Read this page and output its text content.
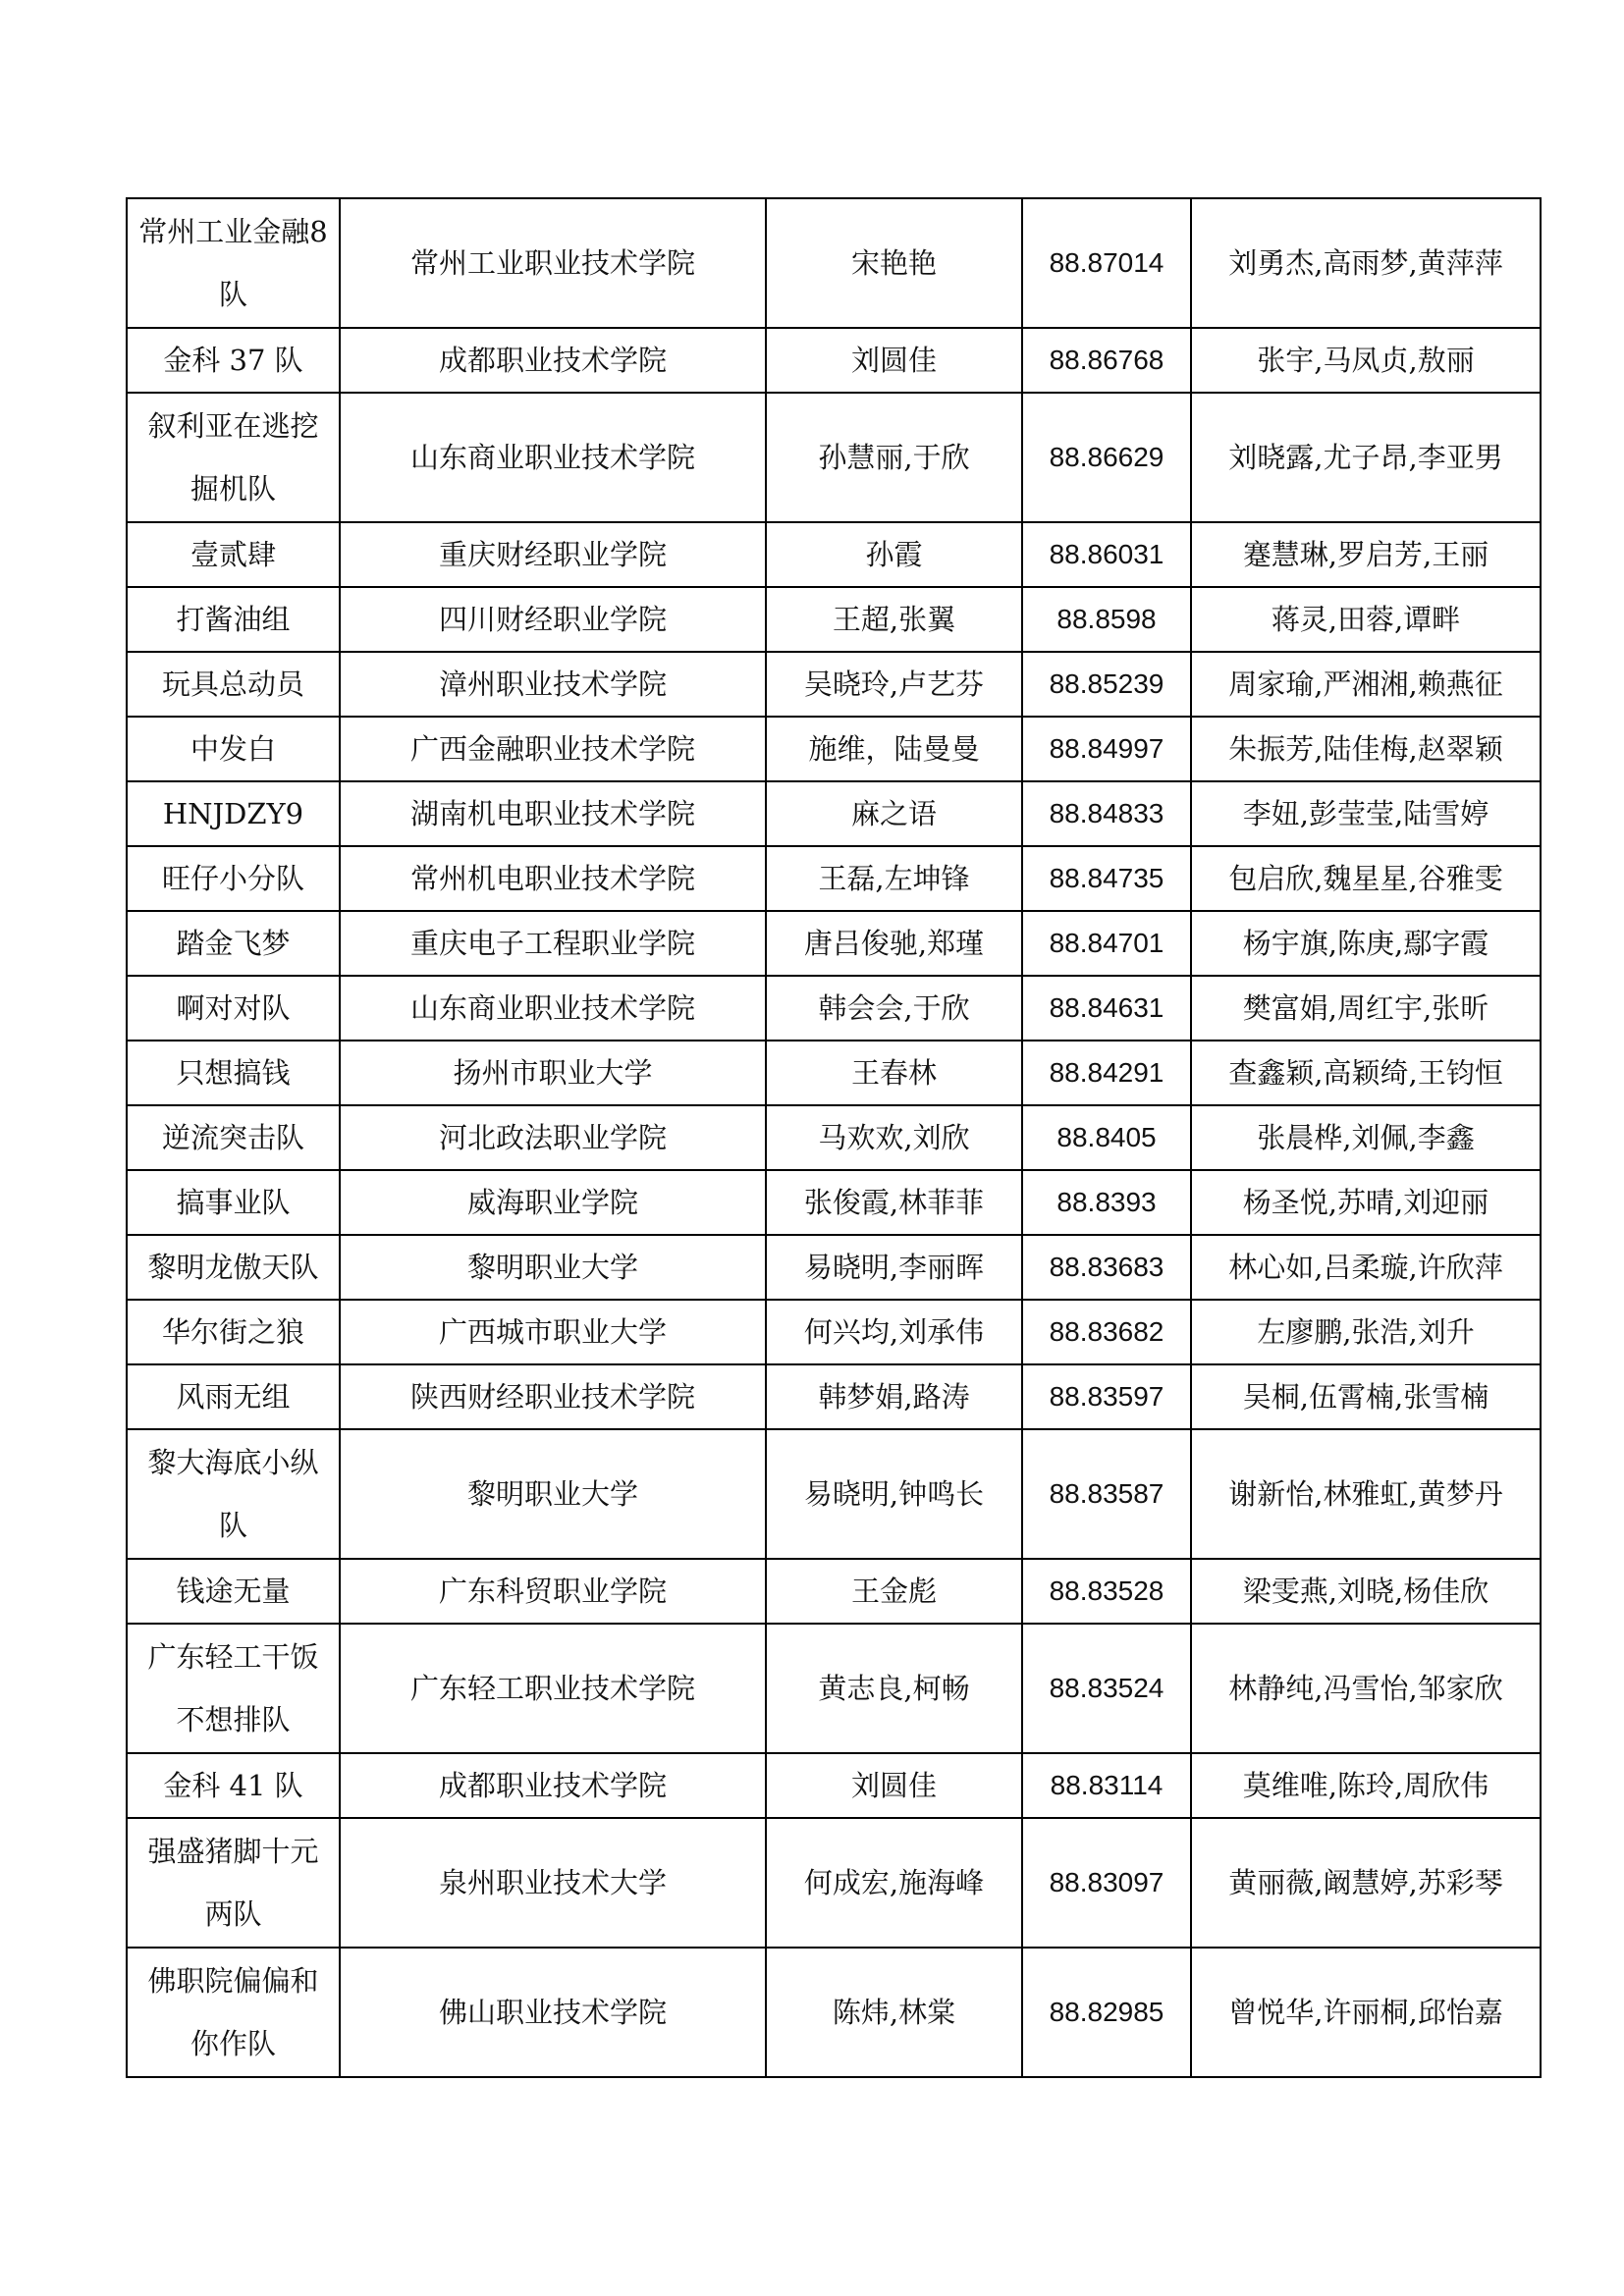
常州工业金融8队	常州工业职业技术学院	宋艳艳	88.87014	刘勇杰,高雨梦,黄萍萍
金科 37 队	成都职业技术学院	刘圆佳	88.86768	张宇,马凤贞,敖丽
叙利亚在逃挖掘机队	山东商业职业技术学院	孙慧丽,于欣	88.86629	刘晓露,尤子昂,李亚男
壹贰肆	重庆财经职业学院	孙霞	88.86031	蹇慧琳,罗启芳,王丽
打酱油组	四川财经职业学院	王超,张翼	88.8598	蒋灵,田蓉,谭畔
玩具总动员	漳州职业技术学院	吴晓玲,卢艺芬	88.85239	周家瑜,严湘湘,赖燕征
中发白	广西金融职业技术学院	施维，陆曼曼	88.84997	朱振芳,陆佳梅,赵翠颖
HNJDZY9	湖南机电职业技术学院	麻之语	88.84833	李妞,彭莹莹,陆雪婷
旺仔小分队	常州机电职业技术学院	王磊,左坤锋	88.84735	包启欣,魏星星,谷雅雯
踏金飞梦	重庆电子工程职业学院	唐吕俊驰,郑瑾	88.84701	杨宇旗,陈庚,鄢字霞
啊对对队	山东商业职业技术学院	韩会会,于欣	88.84631	樊富娟,周红宇,张昕
只想搞钱	扬州市职业大学	王春林	88.84291	查鑫颖,高颖绮,王钧恒
逆流突击队	河北政法职业学院	马欢欢,刘欣	88.8405	张晨桦,刘佩,李鑫
搞事业队	威海职业学院	张俊霞,林菲菲	88.8393	杨圣悦,苏晴,刘迎丽
黎明龙傲天队	黎明职业大学	易晓明,李丽晖	88.83683	林心如,吕柔璇,许欣萍
华尔街之狼	广西城市职业大学	何兴均,刘承伟	88.83682	左廖鹏,张浩,刘升
风雨无组	陕西财经职业技术学院	韩梦娟,路涛	88.83597	吴桐,伍霄楠,张雪楠
黎大海底小纵队	黎明职业大学	易晓明,钟鸣长	88.83587	谢新怡,林雅虹,黄梦丹
钱途无量	广东科贸职业学院	王金彪	88.83528	梁雯燕,刘晓,杨佳欣
广东轻工干饭不想排队	广东轻工职业技术学院	黄志良,柯畅	88.83524	林静纯,冯雪怡,邹家欣
金科 41 队	成都职业技术学院	刘圆佳	88.83114	莫维唯,陈玲,周欣伟
强盛猪脚十元两队	泉州职业技术大学	何成宏,施海峰	88.83097	黄丽薇,阚慧婷,苏彩琴
佛职院偏偏和你作队	佛山职业技术学院	陈炜,林棠	88.82985	曾悦华,许丽桐,邱怡嘉
